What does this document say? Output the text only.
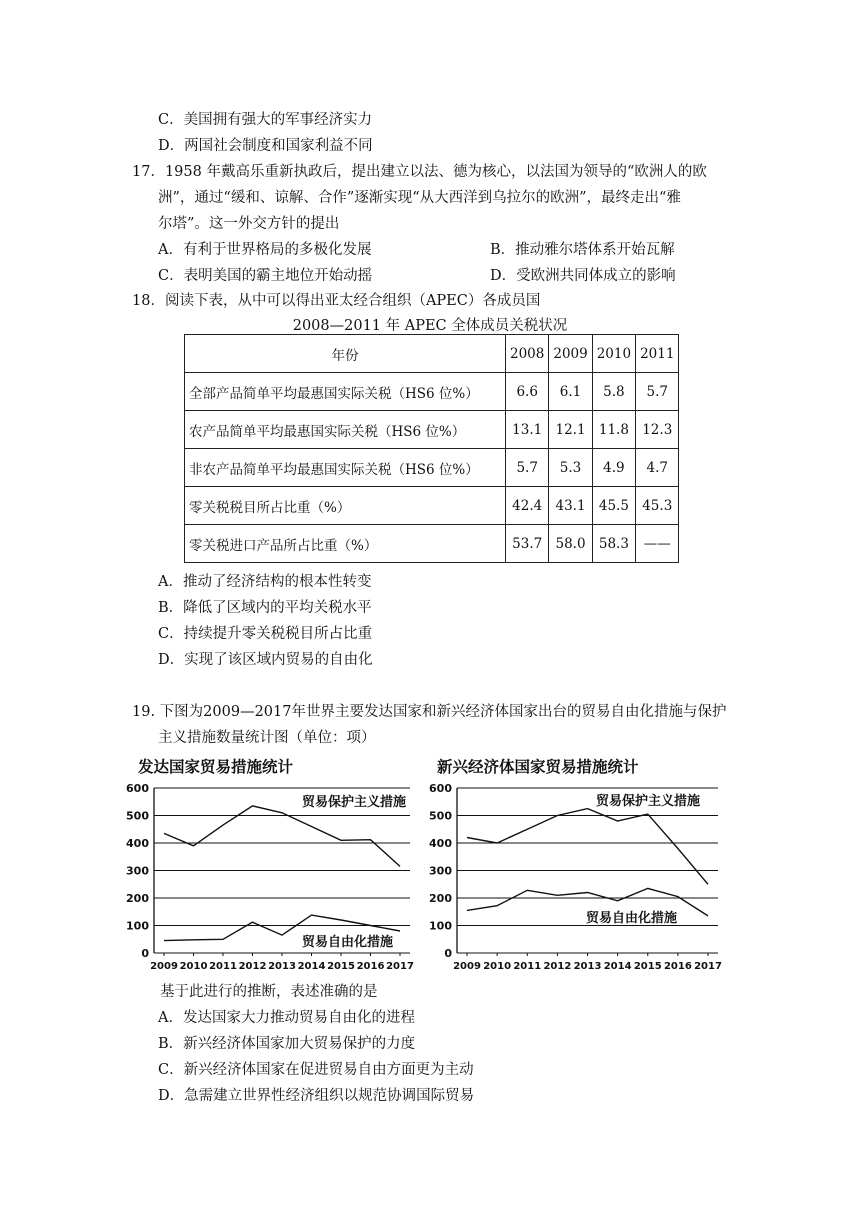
C．美国拥有强大的军事经济实力
D．两国社会制度和国家利益不同
17．1958 年戴高乐重新执政后，提出建立以法、德为核心，以法国为领导的“欧洲人的欧
洲”，通过“缓和、谅解、合作”逐渐实现“从大西洋到乌拉尔的欧洲”，最终走出“雅
尔塔”。这一外交方针的提出
A．有利于世界格局的多极化发展	B．推动雅尔塔体系开始瓦解
C．表明美国的霸主地位开始动摇	D．受欧洲共同体成立的影响
18．阅读下表，从中可以得出亚太经合组织（APEC）各成员国
2008—2011 年 APEC 全体成员关税状况
年份	2008	2009	2010	2011
全部产品简单平均最惠国实际关税（HS6 位%）	6.6	6.1	5.8	5.7
农产品简单平均最惠国实际关税（HS6 位%）	13.1	12.1	11.8	12.3
非农产品简单平均最惠国实际关税（HS6 位%）	5.7	5.3	4.9	4.7
零关税税目所占比重（%）	42.4	43.1	45.5	45.3
零关税进口产品所占比重（%）	53.7	58.0	58.3	——
A．推动了经济结构的根本性转变
B．降低了区域内的平均关税水平
C．持续提升零关税税目所占比重
D．实现了该区域内贸易的自由化
19. 下图为2009—2017年世界主要发达国家和新兴经济体国家出台的贸易自由化措施与保护
主义措施数量统计图（单位：项）
发达国家贸易措施统计	新兴经济体国家贸易措施统计
0
100
200
300
400
500
600
2009 2010 2011 2012 2013 2014 2015 2016 2017
贸易保护主义措施
贸易自由化措施
0
100
200
300
400
500
600
2009 2010 2011 2012 2013 2014 2015 2016 2017
贸易保护主义措施
贸易自由化措施
基于此进行的推断，表述准确的是
A．发达国家大力推动贸易自由化的进程
B．新兴经济体国家加大贸易保护的力度
C．新兴经济体国家在促进贸易自由方面更为主动
D．急需建立世界性经济组织以规范协调国际贸易
